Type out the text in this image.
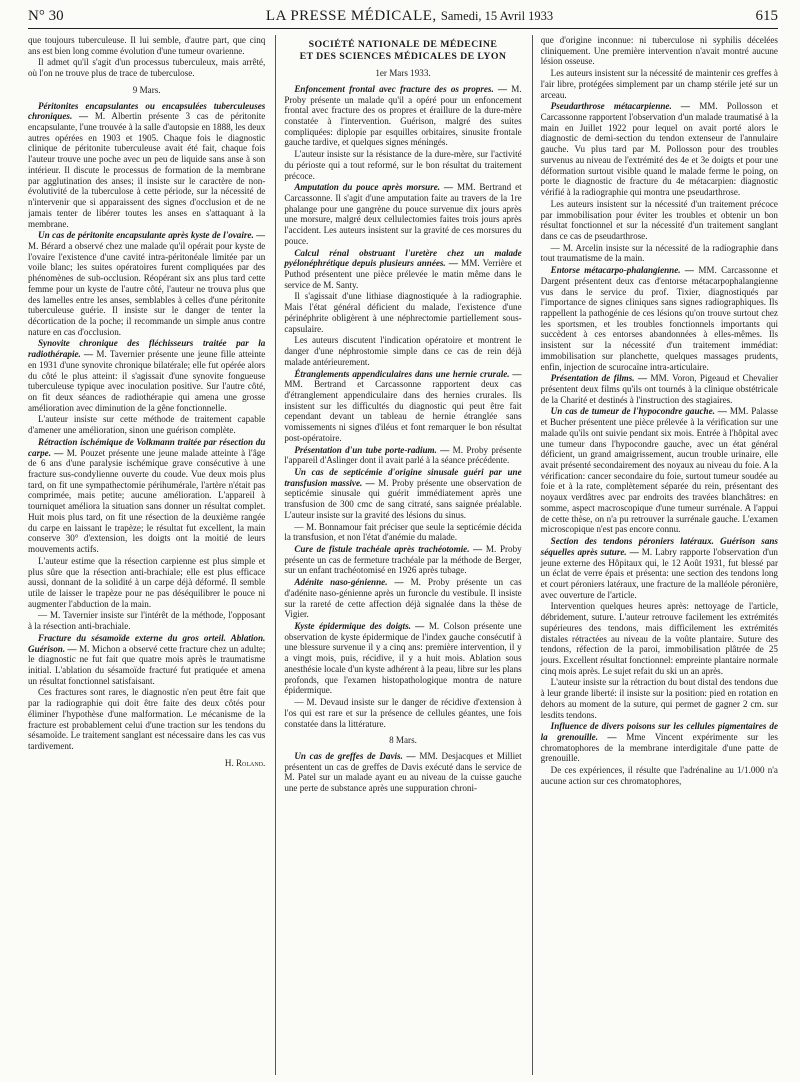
N° 30	LA PRESSE MÉDICALE, Samedi, 15 Avril 1933	615

que toujours tuberculeuse. Il lui semble, d'autre part, que cinq ans est bien long comme évolution d'une tumeur ovarienne.

Il admet qu'il s'agit d'un processus tuberculeux, mais arrêté, où l'on ne trouve plus de trace de tuberculose.

9 Mars.

Péritonites encapsulantes ou encapsulées tuberculeuses chroniques. — M. Albertin présente 3 cas de péritonite encapsulante, l'une trouvée à la salle d'autopsie en 1888, les deux autres opérées en 1903 et 1905. Chaque fois le diagnostic clinique de péritonite tuberculeuse avait été fait, chaque fois l'auteur trouve une poche avec un peu de liquide sans anse à son intérieur. Il discute le processus de formation de la membrane par agglutination des anses; il insiste sur le caractère de non-évolutivité de la tuberculose à cette période, sur la nécessité de n'intervenir que si apparaissent des signes d'occlusion et de ne jamais tenter de libérer toutes les anses en s'attaquant à la membrane.

Un cas de péritonite encapsulante après kyste de l'ovaire. — M. Bérard a observé chez une malade qu'il opérait pour kyste de l'ovaire l'existence d'une cavité intra-péritonéale limitée par un voile blanc; les suites opératoires furent compliquées par des phénomènes de sub-occlusion. Réopérant six ans plus tard cette femme pour un kyste de l'autre côté, l'auteur ne trouva plus que des lamelles entre les anses, semblables à celles d'une péritonite tuberculeuse guérie. Il insiste sur le danger de tenter la décortication de la poche; il recommande un simple anus contre nature en cas d'occlusion.

Synovite chronique des fléchisseurs traitée par la radiothérapie. — M. Tavernier présente une jeune fille atteinte en 1931 d'une synovite chronique bilatérale; elle fut opérée alors du côté le plus atteint: il s'agissait d'une synovite fongueuse tuberculeuse typique avec inoculation positive. Sur l'autre côté, on fit deux séances de radiothérapie qui amena une grosse amélioration avec diminution de la gêne fonctionnelle.

L'auteur insiste sur cette méthode de traitement capable d'amener une amélioration, sinon une guérison complète.

Rétraction ischémique de Volkmann traitée par résection du carpe. — M. Pouzet présente une jeune malade atteinte à l'âge de 6 ans d'une paralysie ischémique grave consécutive à une fracture sus-condylienne ouverte du coude. Vue deux mois plus tard, on fit une sympathectomie périhumérale, l'artère n'était pas comprimée, mais petite; aucune amélioration. L'appareil à tourniquet améliora la situation sans donner un résultat complet. Huit mois plus tard, on fit une résection de la deuxième rangée du carpe en laissant le trapèze; le résultat fut excellent, la main conserve 30° d'extension, les doigts ont la moitié de leurs mouvements actifs.

L'auteur estime que la résection carpienne est plus simple et plus sûre que la résection anti-brachiale; elle est plus efficace aussi, donnant de la solidité à un carpe déjà déformé. Il semble utile de laisser le trapèze pour ne pas déséquilibrer le pouce ni augmenter l'abduction de la main.

— M. Tavernier insiste sur l'intérêt de la méthode, l'opposant à la résection anti-brachiale.

Fracture du sésamoïde externe du gros orteil. Ablation. Guérison. — M. Michon a observé cette fracture chez un adulte; le diagnostic ne fut fait que quatre mois après le traumatisme initial. L'ablation du sésamoïde fracturé fut pratiquée et amena un résultat fonctionnel satisfaisant.

Ces fractures sont rares, le diagnostic n'en peut être fait que par la radiographie qui doit être faite des deux côtés pour éliminer l'hypothèse d'une malformation. Le mécanisme de la fracture est probablement celui d'une traction sur les tendons du sésamoïde. Le traitement sanglant est nécessaire dans les cas vus tardivement.

H. Roland.
SOCIÉTÉ NATIONALE DE MÉDECINE
ET DES SCIENCES MÉDICALES DE LYON
1er Mars 1933.

Enfoncement frontal avec fracture des os propres. — M. Proby présente un malade qu'il a opéré pour un enfoncement frontal avec fracture des os propres et éraillure de la dure-mère constatée à l'intervention. Guérison, malgré des suites compliquées: diplopie par esquilles orbitaires, sinusite frontale gauche tardive, et quelques signes méningés.

L'auteur insiste sur la résistance de la dure-mère, sur l'activité du périoste qui a tout reformé, sur le bon résultat du traitement précoce.

Amputation du pouce après morsure. — MM. Bertrand et Carcassonne. Il s'agit d'une amputation faite au travers de la 1re phalange pour une gangrène du pouce survenue dix jours après une morsure, malgré deux cellulectomies faites trois jours après l'accident. Les auteurs insistent sur la gravité de ces morsures du pouce.

Calcul rénal obstruant l'uretère chez un malade pyélonéphrétique depuis plusieurs années. — MM. Verrière et Puthod présentent une pièce prélevée le matin même dans le service de M. Santy.

Il s'agissait d'une lithiase diagnostiquée à la radiographie. Mais l'état général déficient du malade, l'existence d'une périnéphrite obligèrent à une néphrectomie partiellement sous-capsulaire.

Les auteurs discutent l'indication opératoire et montrent le danger d'une néphrostomie simple dans ce cas de rein déjà malade antérieurement.

Étranglements appendiculaires dans une hernie crurale. — MM. Bertrand et Carcassonne rapportent deux cas d'étranglement appendiculaire dans des hernies crurales. Ils insistent sur les difficultés du diagnostic qui peut être fait cependant devant un tableau de hernie étranglée sans vomissements ni signes d'iléus et font remarquer le bon résultat post-opératoire.

Présentation d'un tube porte-radium. — M. Proby présente l'appareil d'Aslinger dont il avait parlé à la séance précédente.

Un cas de septicémie d'origine sinusale guéri par une transfusion massive. — M. Proby présente une observation de septicémie sinusale qui guérit immédiatement après une transfusion de 300 cmc de sang citraté, sans saignée préalable. L'auteur insiste sur la gravité des lésions du sinus.

— M. Bonnamour fait préciser que seule la septicémie décida la transfusion, et non l'état d'anémie du malade.

Cure de fistule trachéale après trachéotomie. — M. Proby présente un cas de fermeture trachéale par la méthode de Berger, sur un enfant trachéotomisé en 1926 après tubage.

Adénite naso-génienne. — M. Proby présente un cas d'adénite naso-génienne après un furoncle du vestibule. Il insiste sur la rareté de cette affection déjà signalée dans la thèse de Vigier.

Kyste épidermique des doigts. — M. Colson présente une observation de kyste épidermique de l'index gauche consécutif à une blessure survenue il y a cinq ans: première intervention, il y a vingt mois, puis, récidive, il y a huit mois. Ablation sous anesthésie locale d'un kyste adhérent à la peau, libre sur les plans profonds, que l'examen histopathologique montra de nature épidermique.

— M. Devaud insiste sur le danger de récidive d'extension à l'os qui est rare et sur la présence de cellules géantes, une fois constatée dans la littérature.

8 Mars.

Un cas de greffes de Davis. — MM. Desjacques et Milliet présentent un cas de greffes de Davis exécuté dans le service de M. Patel sur un malade ayant eu au niveau de la cuisse gauche une perte de substance après une suppuration chroni-

que d'origine inconnue: ni tuberculose ni syphilis décelées cliniquement. Une première intervention n'avait montré aucune lésion osseuse.

Les auteurs insistent sur la nécessité de maintenir ces greffes à l'air libre, protégées simplement par un champ stérile jeté sur un arceau.

Pseudarthrose métacarpienne. — MM. Pollosson et Carcassonne rapportent l'observation d'un malade traumatisé à la main en Juillet 1922 pour lequel on avait porté alors le diagnostic de demi-section du tendon extenseur de l'annulaire gauche. Vu plus tard par M. Pollosson pour des troubles survenus au niveau de l'extrémité des 4e et 3e doigts et pour une déformation surtout visible quand le malade ferme le poing, on porte le diagnostic de fracture du 4e métacarpien: diagnostic vérifié à la radiographie qui montra une pseudarthrose.

Les auteurs insistent sur la nécessité d'un traitement précoce par immobilisation pour éviter les troubles et obtenir un bon résultat fonctionnel et sur la nécessité d'un traitement sanglant dans ce cas de pseudarthrose.

— M. Arcelin insiste sur la nécessité de la radiographie dans tout traumatisme de la main.

Entorse métacarpo-phalangienne. — MM. Carcassonne et Dargent présentent deux cas d'entorse métacarpophalangienne vus dans le service du prof. Tixier, diagnostiqués par l'importance de signes cliniques sans signes radiographiques. Ils rappellent la pathogénie de ces lésions qu'on trouve surtout chez les sportsmen, et les troubles fonctionnels importants qui succèdent à ces entorses abandonnées à elles-mêmes. Ils insistent sur la nécessité d'un traitement immédiat: immobilisation sur planchette, quelques massages prudents, enfin, injection de scurocaïne intra-articulaire.

Présentation de films. — MM. Voron, Pigeaud et Chevalier présentent deux films qu'ils ont tournés à la clinique obstétricale de la Charité et destinés à l'instruction des stagiaires.

Un cas de tumeur de l'hypocondre gauche. — MM. Palasse et Bucher présentent une pièce prélevée à la vérification sur une malade qu'ils ont suivie pendant six mois. Entrée à l'hôpital avec une tumeur dans l'hypocondre gauche, avec un état général déficient, un grand amaigrissement, aucun trouble urinaire, elle avait présenté secondairement des noyaux au niveau du foie. A la vérification: cancer secondaire du foie, surtout tumeur soudée au foie et à la rate, complètement séparée du rein, présentant des noyaux verdâtres avec par endroits des travées blanchâtres: en somme, aspect macroscopique d'une tumeur surrénale. A l'appui de cette thèse, on n'a pu retrouver la surrénale gauche. L'examen microscopique n'est pas encore connu.

Section des tendons péroniers latéraux. Guérison sans séquelles après suture. — M. Labry rapporte l'observation d'un jeune externe des Hôpitaux qui, le 12 Août 1931, fut blessé par un éclat de verre épais et présenta: une section des tendons long et court péroniers latéraux, une fracture de la malléole péronière, avec ouverture de l'article.

Intervention quelques heures après: nettoyage de l'article, débridement, suture. L'auteur retrouve facilement les extrémités supérieures des tendons, mais difficilement les extrémités distales rétractées au niveau de la voûte plantaire. Suture des tendons, réfection de la paroi, immobilisation plâtrée de 25 jours. Excellent résultat fonctionnel: empreinte plantaire normale cinq mois après. Le sujet refait du ski un an après.

L'auteur insiste sur la rétraction du bout distal des tendons due à leur grande liberté: il insiste sur la position: pied en rotation en dehors au moment de la suture, qui permet de gagner 2 cm. sur lesdits tendons.

Influence de divers poisons sur les cellules pigmentaires de la grenouille. — Mme Vincent expérimente sur les chromatophores de la membrane interdigitale d'une patte de grenouille.

De ces expériences, il résulte que l'adrénaline au 1/1.000 n'a aucune action sur ces chromatophores,
